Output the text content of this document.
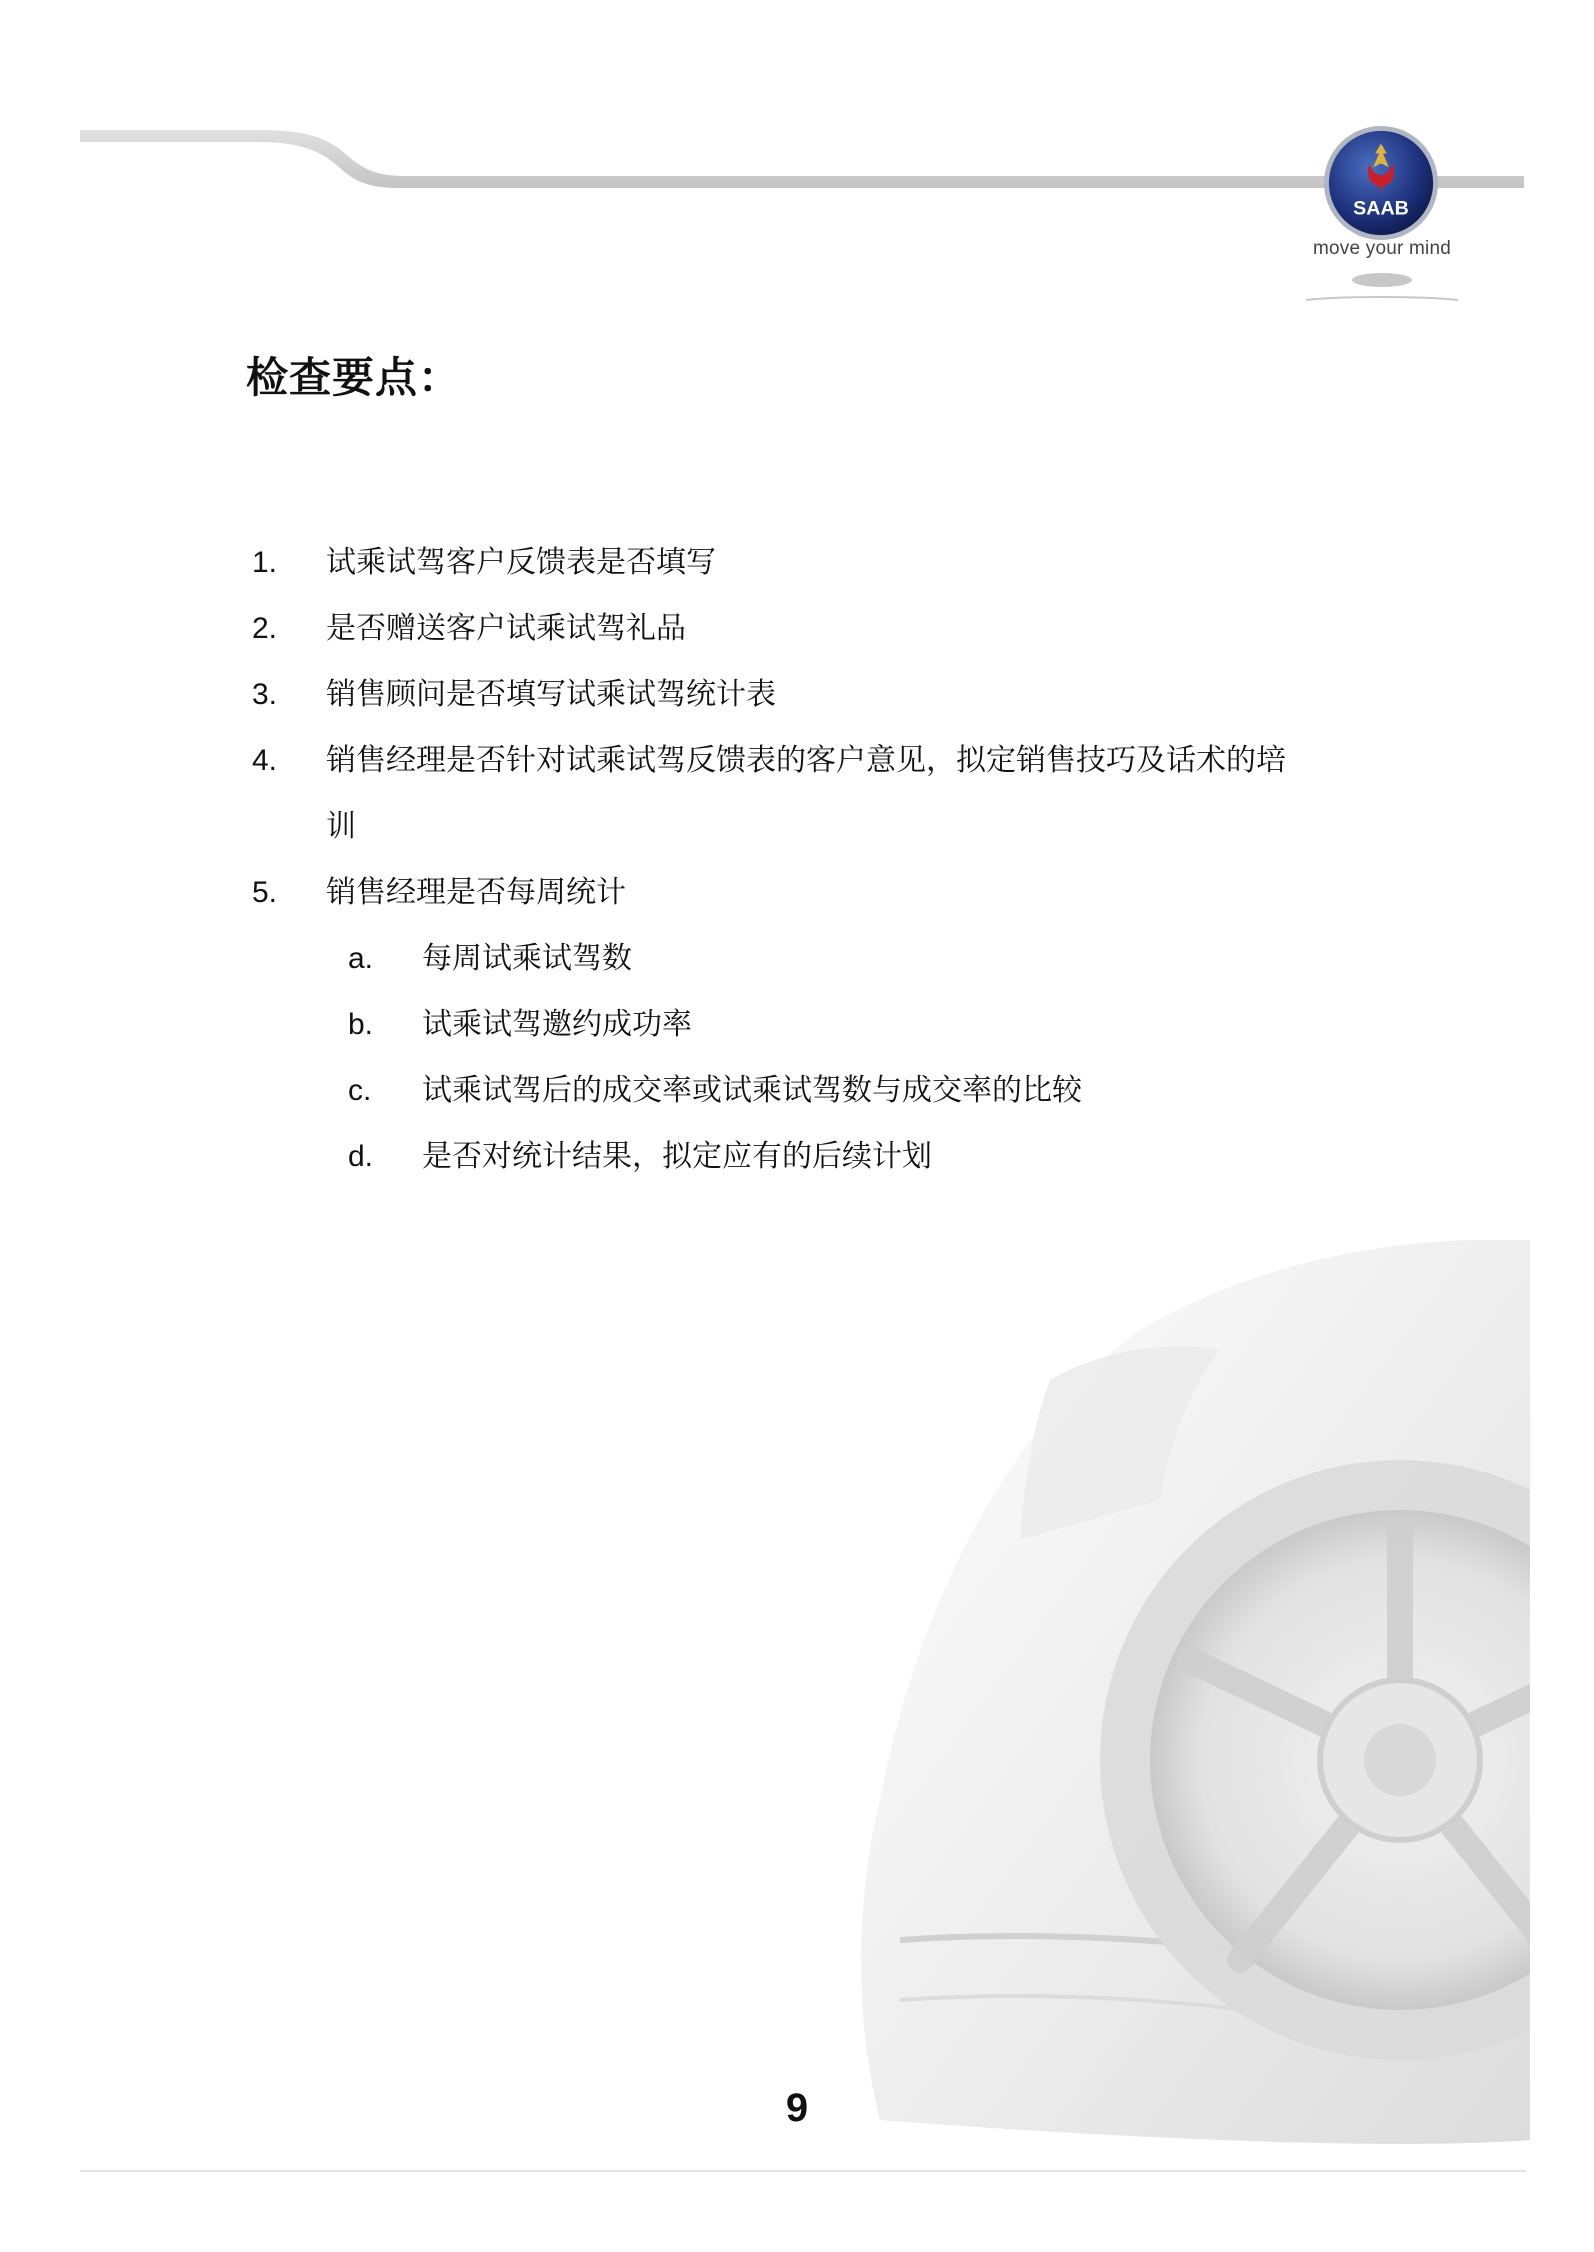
SAAB
move your mind
检查要点：
1.	试乘试驾客户反馈表是否填写
2.	是否赠送客户试乘试驾礼品
3.	销售顾问是否填写试乘试驾统计表
4.	销售经理是否针对试乘试驾反馈表的客户意见，拟定销售技巧及话术的培
训
5.	销售经理是否每周统计
a.	每周试乘试驾数
b.	试乘试驾邀约成功率
c.	试乘试驾后的成交率或试乘试驾数与成交率的比较
d.	是否对统计结果，拟定应有的后续计划
9
